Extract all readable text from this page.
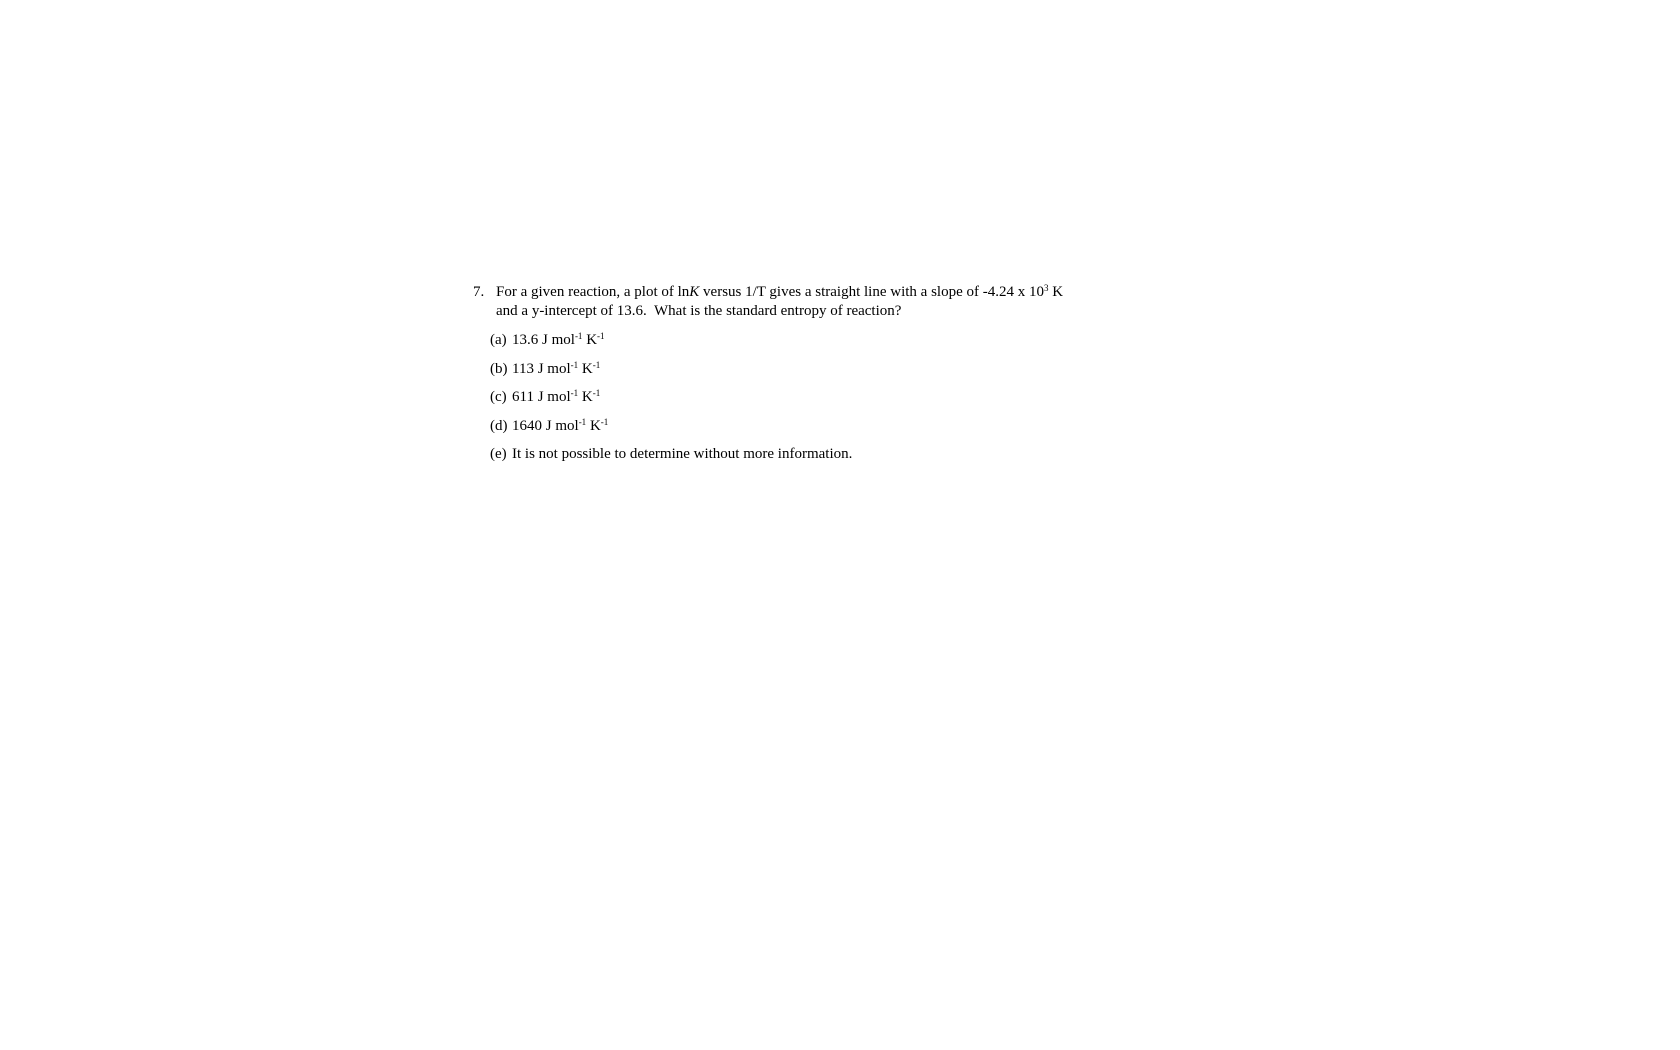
7. For a given reaction, a plot of lnK versus 1/T gives a straight line with a slope of -4.24 x $10^3$ K
and a y-intercept of 13.6.  What is the standard entropy of reaction?
(a) 13.6 J mol$^{-1}$ $K^{-1}$
(b) 113 J mol$^{-1}$ $K^{-1}$
(c) 611 J mol$^{-1}$ $K^{-1}$
(d) 1640 J mol$^{-1}$ $K^{-1}$
(e) It is not possible to determine without more information.
